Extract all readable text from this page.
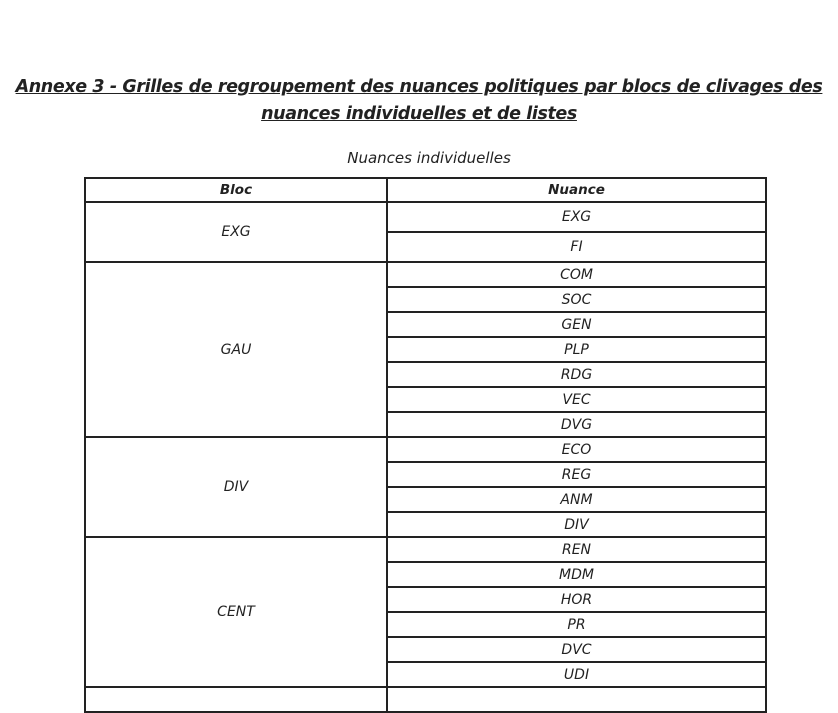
Annexe 3 - Grilles de regroupement des nuances politiques par blocs de clivages des nuances individuelles et de listes
Nuances individuelles
Bloc	Nuance
EXG	EXG
	FI
GAU	COM
	SOC
	GEN
	PLP
	RDG
	VEC
	DVG
DIV	ECO
	REG
	ANM
	DIV
CENT	REN
	MDM
	HOR
	PR
	DVC
	UDI
